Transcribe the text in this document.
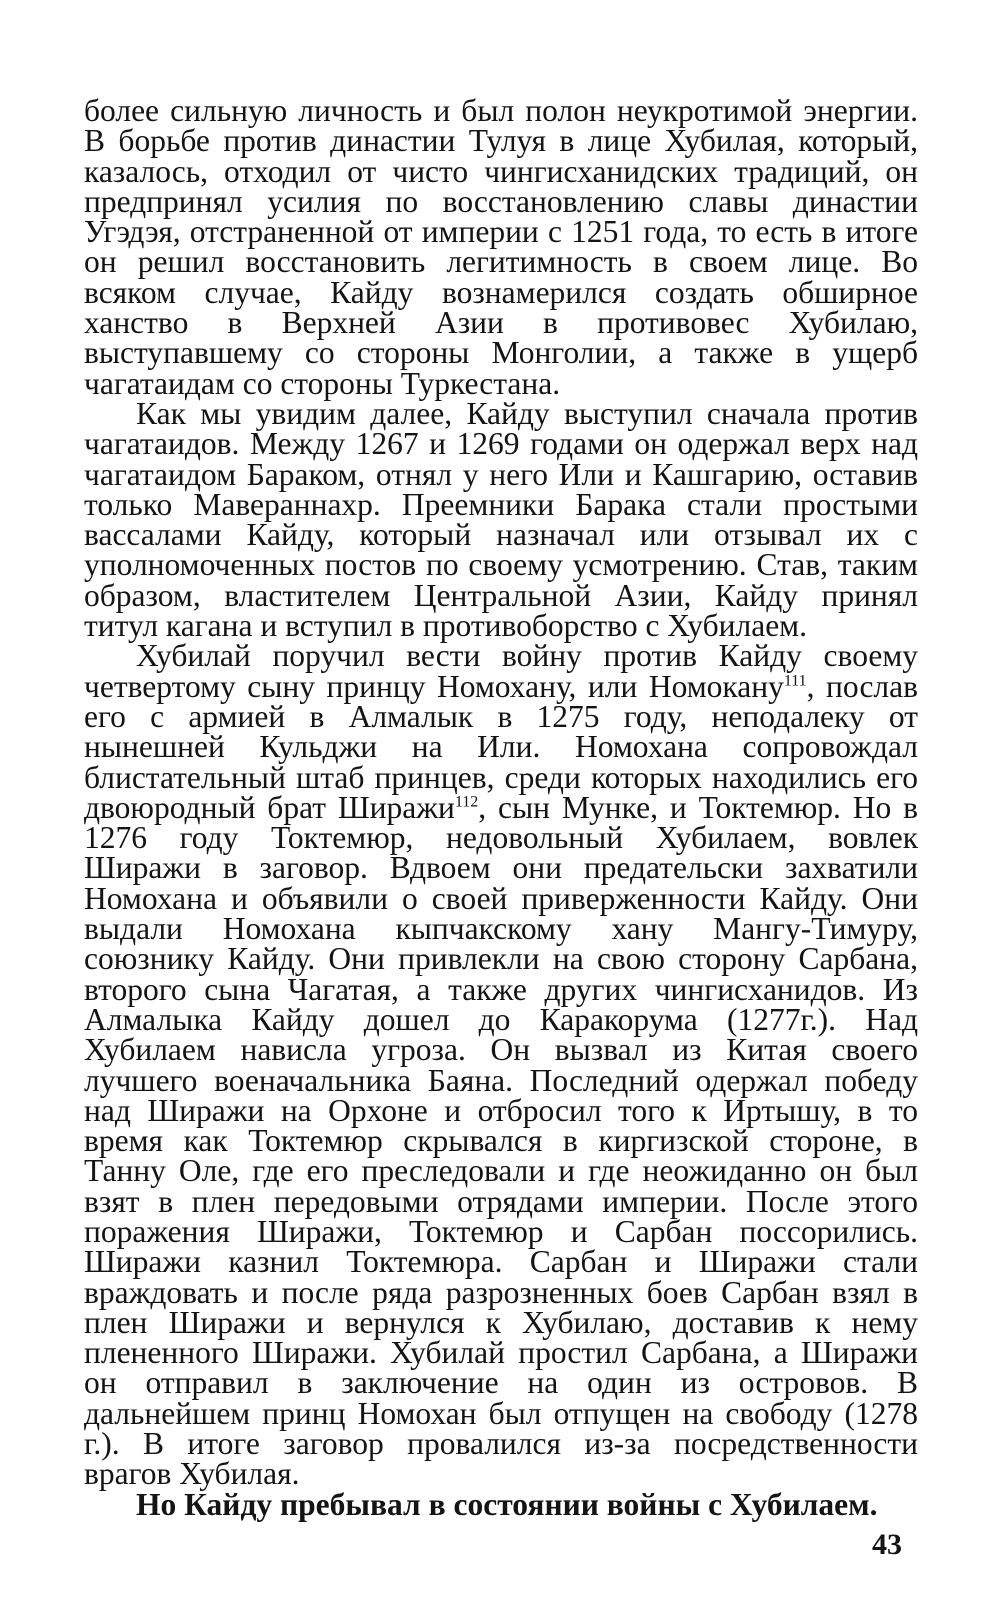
более сильную личность и был полон неукротимой энергии. В борьбе против династии Тулуя в лице Хубилая, который, казалось, отходил от чисто чингисханидских традиций, он предпринял усилия по восстановлению славы династии Угэдэя, отстраненной от империи с 1251 года, то есть в итоге он решил восстановить легитимность в своем лице. Во всяком случае, Кайду вознамерился создать обширное ханство в Верхней Азии в противовес Хубилаю, выступавшему со стороны Монголии, а также в ущерб чагатаидам со стороны Туркестана.

Как мы увидим далее, Кайду выступил сначала против чагатаидов. Между 1267 и 1269 годами он одержал верх над чагатаидом Бараком, отнял у него Или и Кашгарию, оставив только Мавераннахр. Преемники Барака стали простыми вассалами Кайду, который назначал или отзывал их с уполномоченных постов по своему усмотрению. Став, таким образом, властителем Центральной Азии, Кайду принял титул кагана и вступил в противоборство с Хубилаем.

Хубилай поручил вести войну против Кайду своему четвертому сыну принцу Номохану, или Номокану$^{111}$, послав его с армией в Алмалык в 1275 году, неподалеку от нынешней Кульджи на Или. Номохана сопровождал блистательный штаб принцев, среди которых находились его двоюродный брат Ширажи$^{112}$, сын Мунке, и Токтемюр. Но в 1276 году Токтемюр, недовольный Хубилаем, вовлек Ширажи в заговор. Вдвоем они предательски захватили Номохана и объявили о своей приверженности Кайду. Они выдали Номохана кыпчакскому хану Мангу-Тимуру, союзнику Кайду. Они привлекли на свою сторону Сарбана, второго сына Чагатая, а также других чингисханидов. Из Алмалыка Кайду дошел до Каракорума (1277г.). Над Хубилаем нависла угроза. Он вызвал из Китая своего лучшего военачальника Баяна. Последний одержал победу над Ширажи на Орхоне и отбросил того к Иртышу, в то время как Токтемюр скрывался в киргизской стороне, в Танну Оле, где его преследовали и где неожиданно он был взят в плен передовыми отрядами империи. После этого поражения Ширажи, Токтемюр и Сарбан поссорились. Ширажи казнил Токтемюра. Сарбан и Ширажи стали враждовать и после ряда разрозненных боев Сарбан взял в плен Ширажи и вернулся к Хубилаю, доставив к нему плененного Ширажи. Хубилай простил Сарбана, а Ширажи он отправил в заключение на один из островов. В дальнейшем принц Номохан был отпущен на свободу (1278 г.). В итоге заговор провалился из-за посредственности врагов Хубилая.

Но Кайду пребывал в состоянии войны с Хубилаем.

43
